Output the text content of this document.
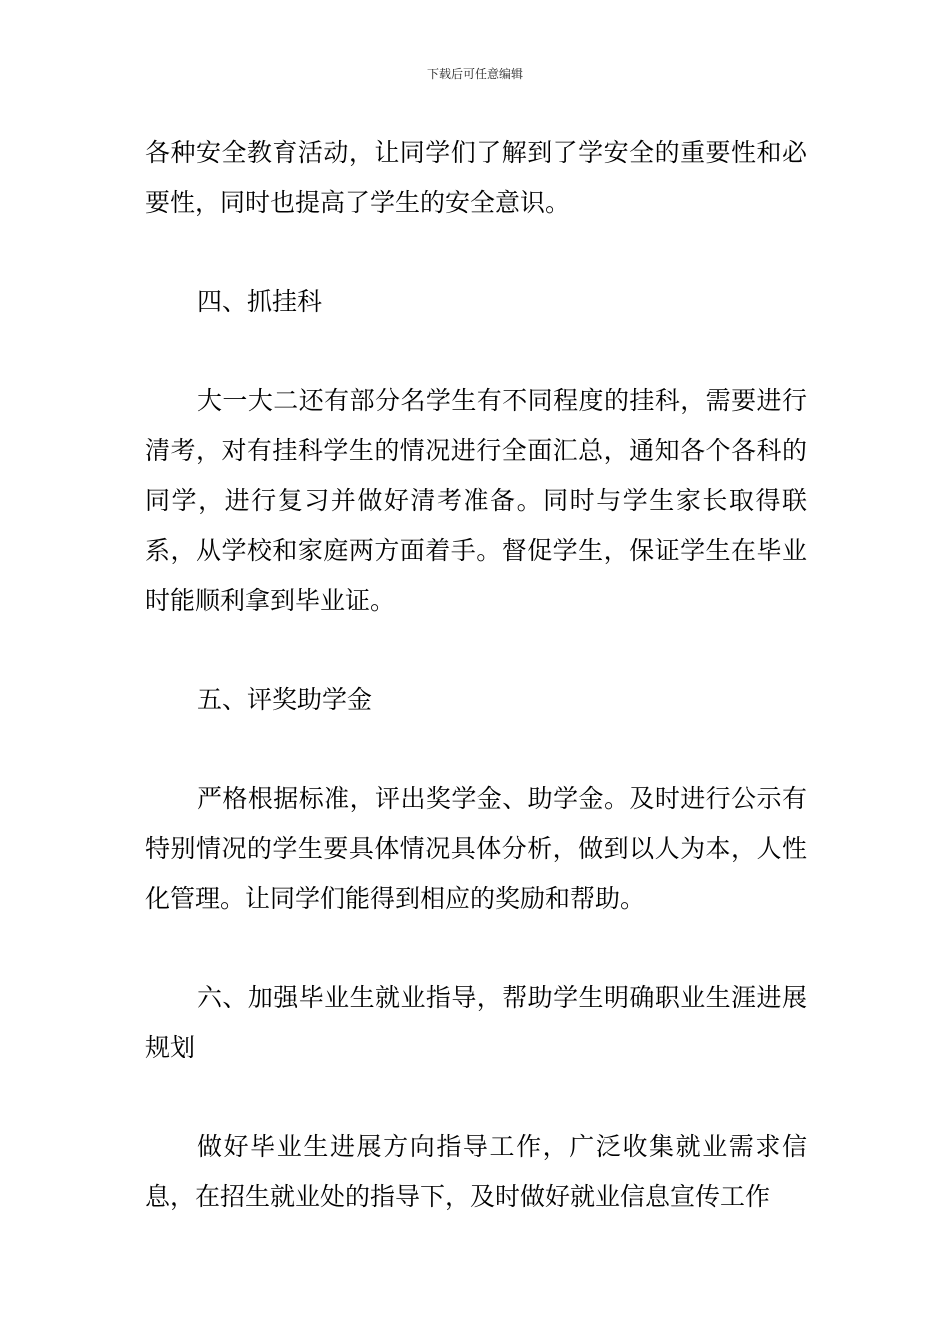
下载后可任意编辑

各种安全教育活动，让同学们了解到了学安全的重要性和必要性，同时也提高了学生的安全意识。

四、抓挂科

大一大二还有部分名学生有不同程度的挂科，需要进行清考，对有挂科学生的情况进行全面汇总，通知各个各科的同学，进行复习并做好清考准备。同时与学生家长取得联系，从学校和家庭两方面着手。督促学生，保证学生在毕业时能顺利拿到毕业证。

五、评奖助学金

严格根据标准，评出奖学金、助学金。及时进行公示有特别情况的学生要具体情况具体分析，做到以人为本，人性化管理。让同学们能得到相应的奖励和帮助。

六、加强毕业生就业指导，帮助学生明确职业生涯进展规划

做好毕业生进展方向指导工作，广泛收集就业需求信息，在招生就业处的指导下，及时做好就业信息宣传工作
